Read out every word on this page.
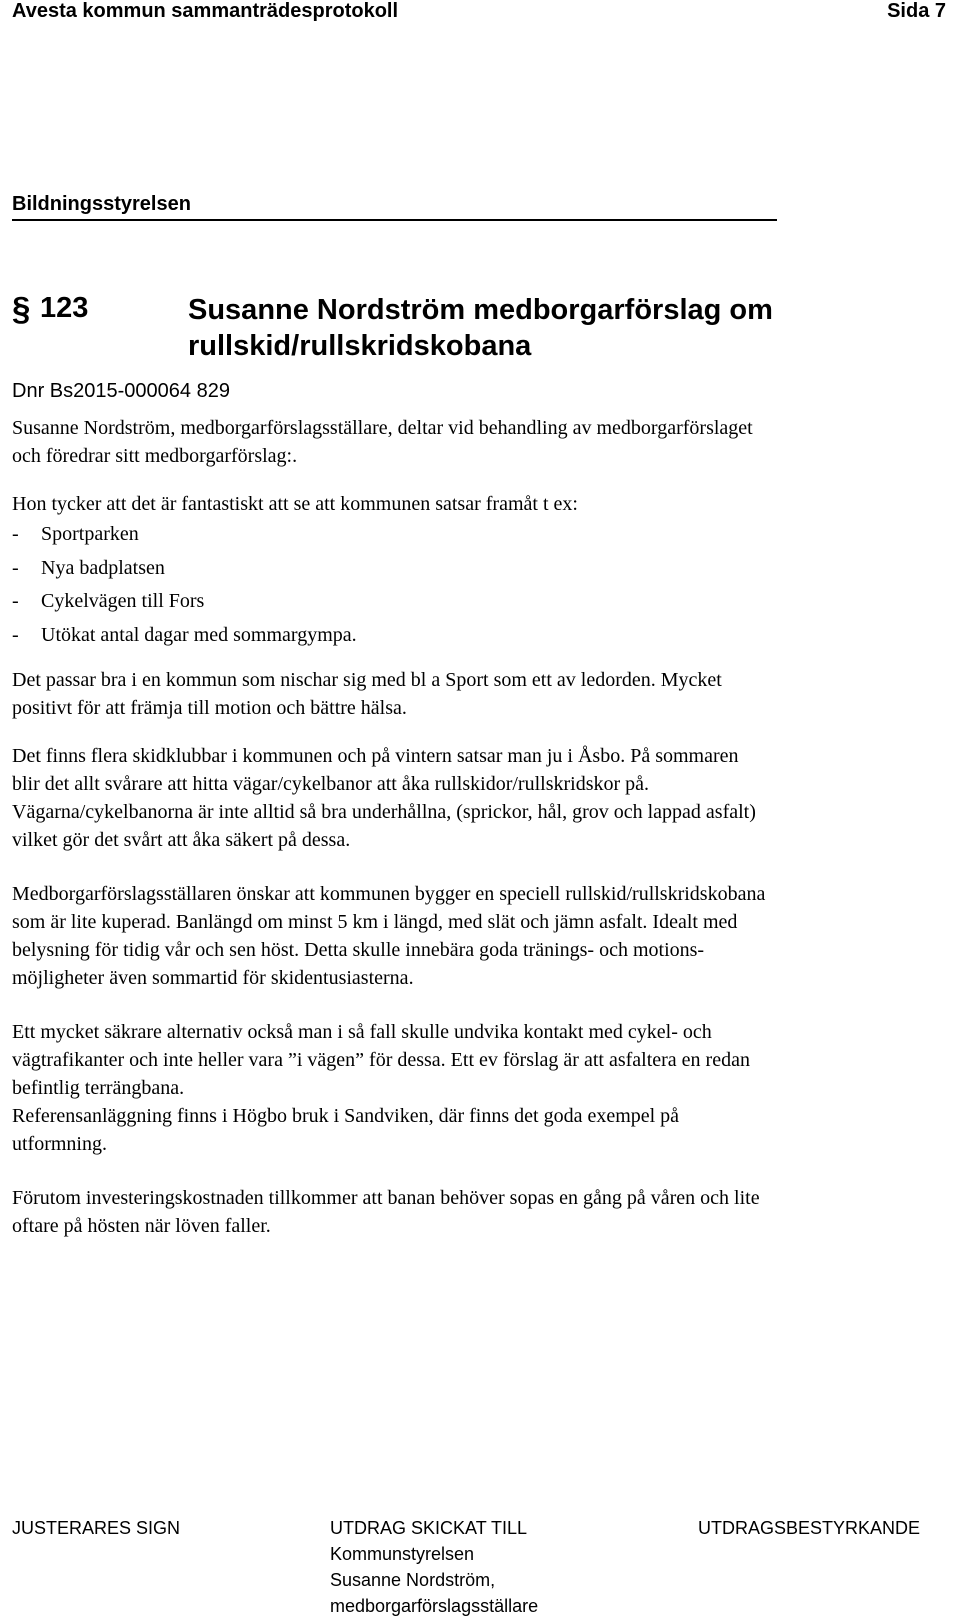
Avesta kommun sammanträdesprotokoll	Sida 7
Bildningsstyrelsen
§ 123	Susanne Nordström medborgarförslag om
rullskid/rullskridskobana
Dnr Bs2015-000064 829

Susanne Nordström, medborgarförslagsställare, deltar vid behandling av medborgarförslaget

och föredrar sitt medborgarförslag:.

Hon tycker att det är fantastiskt att se att kommunen satsar framåt t ex:

- Sportparken

- Nya badplatsen

- Cykelvägen till Fors

- Utökat antal dagar med sommargympa.

Det passar bra i en kommun som nischar sig med bl a Sport som ett av ledorden. Mycket

positivt för att främja till motion och bättre hälsa.

Det finns flera skidklubbar i kommunen och på vintern satsar man ju i Åsbo. På sommaren

blir det allt svårare att hitta vägar/cykelbanor att åka rullskidor/rullskridskor på.

Vägarna/cykelbanorna är inte alltid så bra underhållna, (sprickor, hål, grov och lappad asfalt)

vilket gör det svårt att åka säkert på dessa.

Medborgarförslagsställaren önskar att kommunen bygger en speciell rullskid/rullskridskobana

som är lite kuperad. Banlängd om minst 5 km i längd, med slät och jämn asfalt. Idealt med

belysning för tidig vår och sen höst. Detta skulle innebära goda tränings- och motions-

möjligheter även sommartid för skidentusiasterna.

Ett mycket säkrare alternativ också man i så fall skulle undvika kontakt med cykel- och

vägtrafikanter och inte heller vara ”i vägen” för dessa. Ett ev förslag är att asfaltera en redan

befintlig terrängbana.

Referensanläggning finns i Högbo bruk i Sandviken, där finns det goda exempel på

utformning.

Förutom investeringskostnaden tillkommer att banan behöver sopas en gång på våren och lite

oftare på hösten när löven faller.

JUSTERARES SIGN	UTDRAG SKICKAT TILL
Kommunstyrelsen
Susanne Nordström,
medborgarförslagsställare
UTDRAGSBESTYRKANDE
